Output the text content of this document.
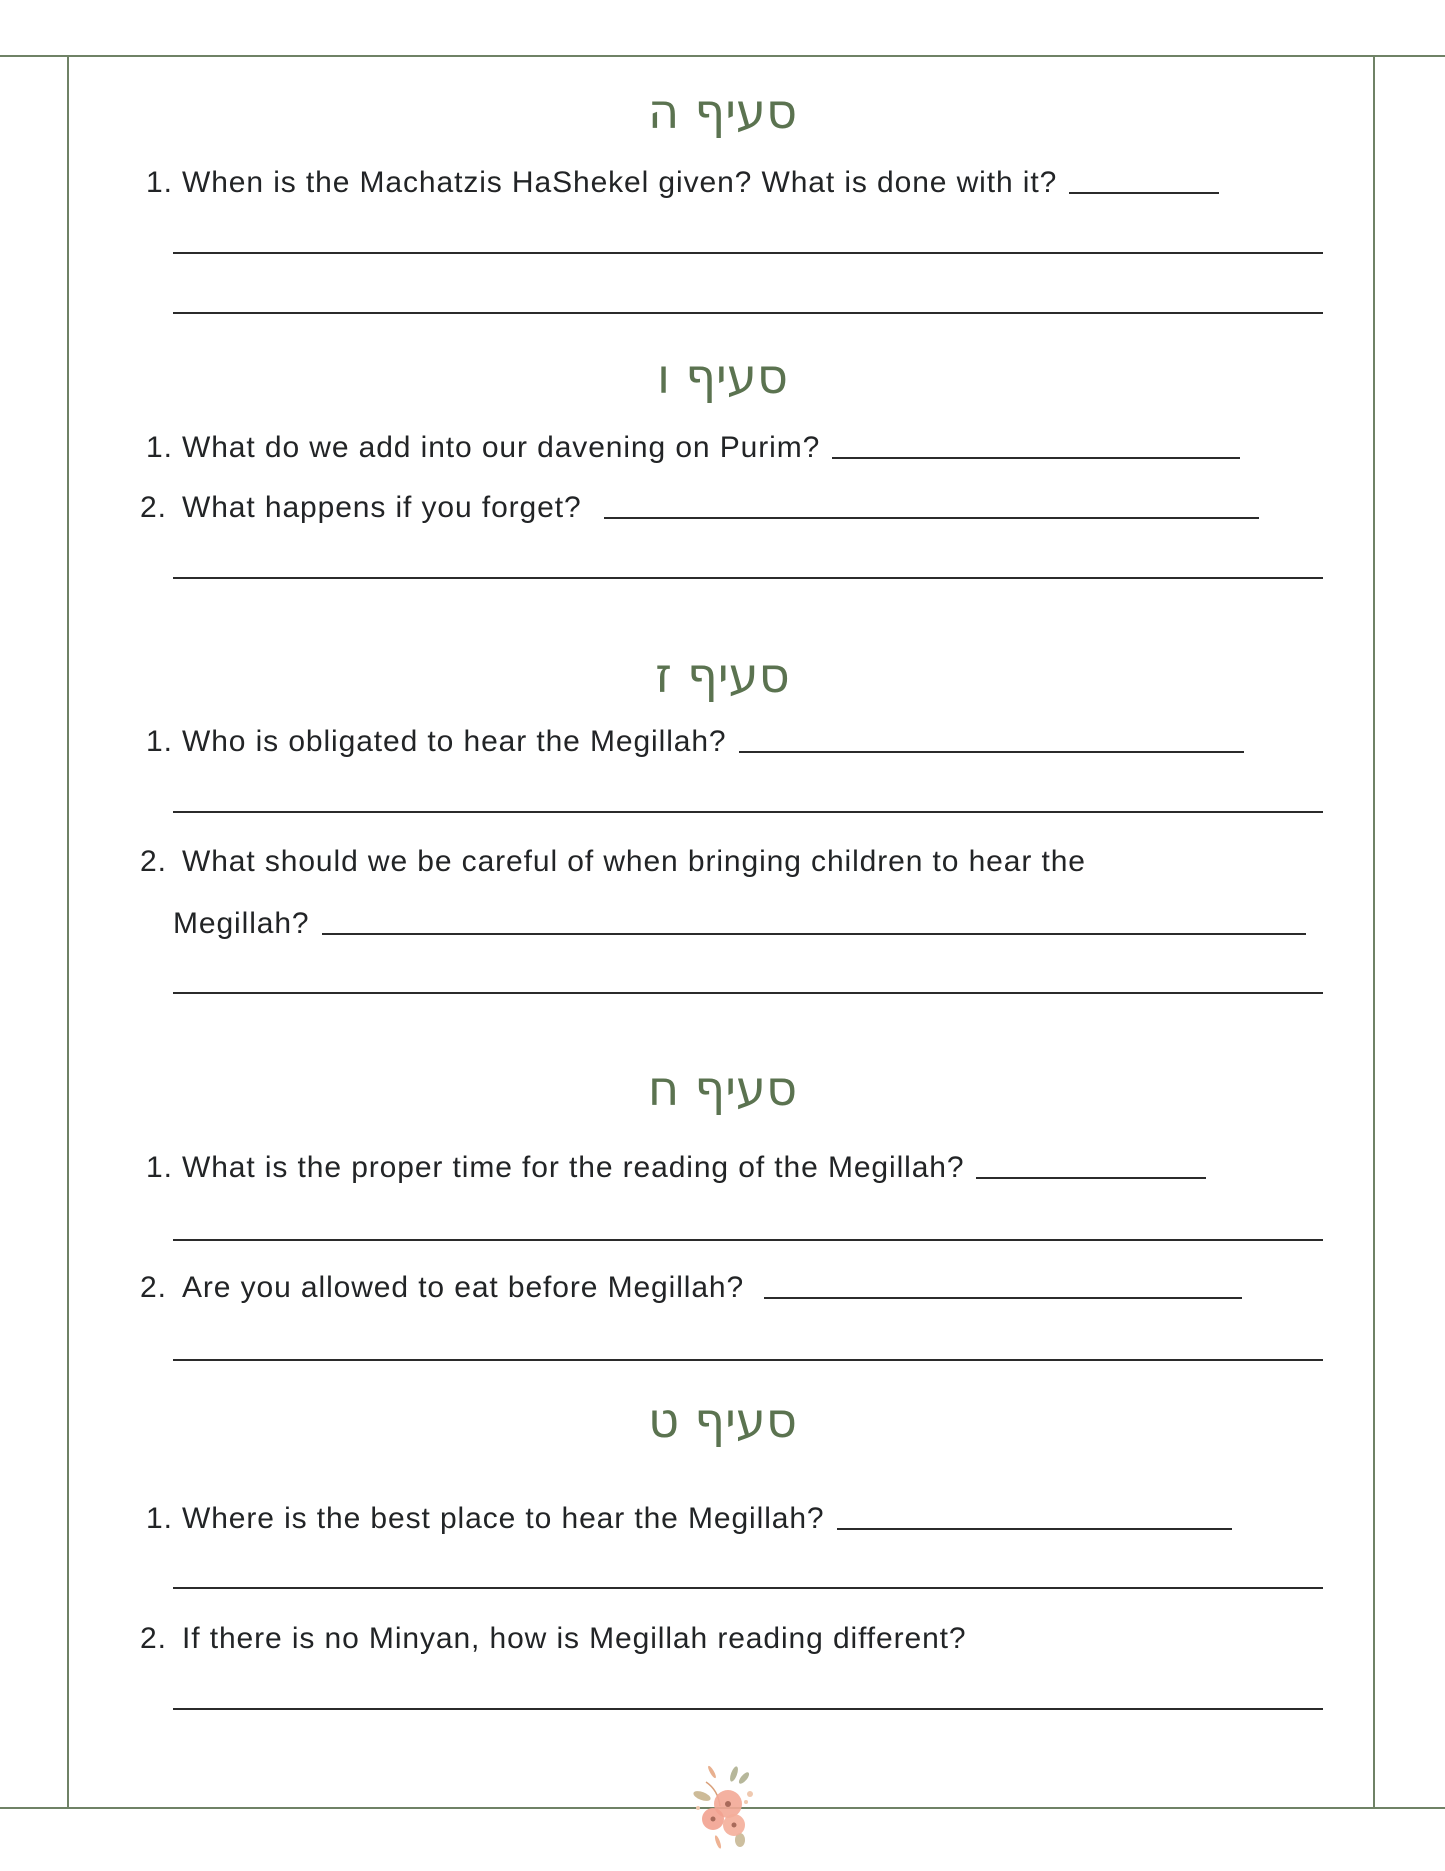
סעיף ה
1. When is the Machatzis HaShekel given? What is done with it?
סעיף ו
1. What do we add into our davening on Purim?
2. What happens if you forget?
סעיף ז
1. Who is obligated to hear the Megillah?
2. What should we be careful of when bringing children to hear the
Megillah?
סעיף ח
1. What is the proper time for the reading of the Megillah?
2. Are you allowed to eat before Megillah?
סעיף ט
1. Where is the best place to hear the Megillah?
2. If there is no Minyan, how is Megillah reading different?
